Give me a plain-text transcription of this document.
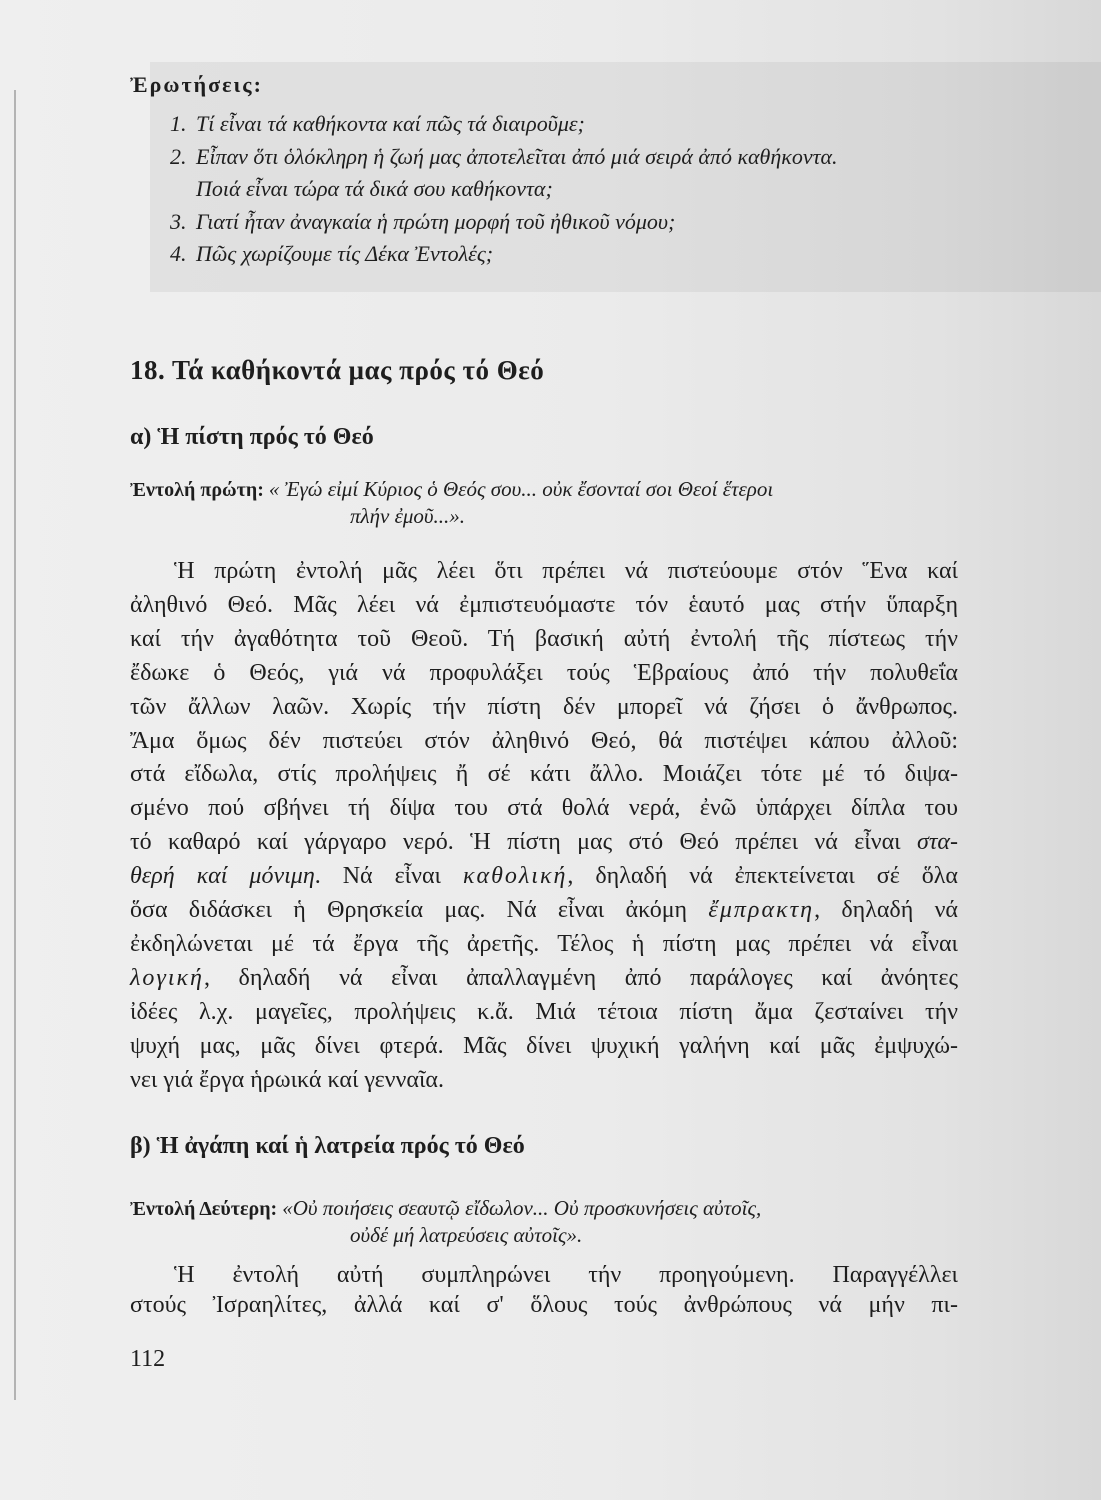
Ἐρωτήσεις:
1. Τί εἶναι τά καθήκοντα καί πῶς τά διαιροῦμε;
2. Εἶπαν ὅτι ὁλόκληρη ἡ ζωή μας ἀποτελεῖται ἀπό μιά σειρά ἀπό καθήκοντα.
Ποιά εἶναι τώρα τά δικά σου καθήκοντα;
3. Γιατί ἦταν ἀναγκαία ἡ πρώτη μορφή τοῦ ἠθικοῦ νόμου;
4. Πῶς χωρίζουμε τίς Δέκα Ἐντολές;
18. Τά καθήκοντά μας πρός τό Θεό
α) Ἡ πίστη πρός τό Θεό
Ἐντολή πρώτη: « Ἐγώ εἰμί Κύριος ὁ Θεός σου... οὐκ ἔσονταί σοι Θεοί ἕτεροι
πλήν ἐμοῦ...».
Ἡ πρώτη ἐντολή μᾶς λέει ὅτι πρέπει νά πιστεύουμε στόν Ἕνα καί
ἀληθινό Θεό. Μᾶς λέει νά ἐμπιστευόμαστε τόν ἑαυτό μας στήν ὕπαρξη
καί τήν ἀγαθότητα τοῦ Θεοῦ. Τή βασική αὐτή ἐντολή τῆς πίστεως τήν
ἔδωκε ὁ Θεός, γιά νά προφυλάξει τούς Ἑβραίους ἀπό τήν πολυθεΐα
τῶν ἄλλων λαῶν. Χωρίς τήν πίστη δέν μπορεῖ νά ζήσει ὁ ἄνθρωπος.
Ἄμα ὅμως δέν πιστεύει στόν ἀληθινό Θεό, θά πιστέψει κάπου ἀλλοῦ:
στά εἴδωλα, στίς προλήψεις ἤ σέ κάτι ἄλλο. Μοιάζει τότε μέ τό διψα-
σμένο πού σβήνει τή δίψα του στά θολά νερά, ἐνῶ ὑπάρχει δίπλα του
τό καθαρό καί γάργαρο νερό. Ἡ πίστη μας στό Θεό πρέπει νά εἶναι στα-
θερή καί μόνιμη. Νά εἶναι καθολική, δηλαδή νά ἐπεκτείνεται σέ ὅλα
ὅσα διδάσκει ἡ Θρησκεία μας. Νά εἶναι ἀκόμη ἔμπρακτη, δηλαδή νά
ἐκδηλώνεται μέ τά ἔργα τῆς ἀρετῆς. Τέλος ἡ πίστη μας πρέπει νά εἶναι
λογική, δηλαδή νά εἶναι ἀπαλλαγμένη ἀπό παράλογες καί ἀνόητες
ἰδέες λ.χ. μαγεῖες, προλήψεις κ.ἄ. Μιά τέτοια πίστη ἄμα ζεσταίνει τήν
ψυχή μας, μᾶς δίνει φτερά. Μᾶς δίνει ψυχική γαλήνη καί μᾶς ἐμψυχώ-
νει γιά ἔργα ἡρωικά καί γενναῖα.
β) Ἡ ἀγάπη καί ἡ λατρεία πρός τό Θεό
Ἐντολή Δεύτερη: «Οὐ ποιήσεις σεαυτῷ εἴδωλον... Οὐ προσκυνήσεις αὐτοῖς,
οὐδέ μή λατρεύσεις αὐτοῖς».
Ἡ ἐντολή αὐτή συμπληρώνει τήν προηγούμενη. Παραγγέλλει
στούς Ἰσραηλίτες, ἀλλά καί σ' ὅλους τούς ἀνθρώπους νά μήν πι-
112
